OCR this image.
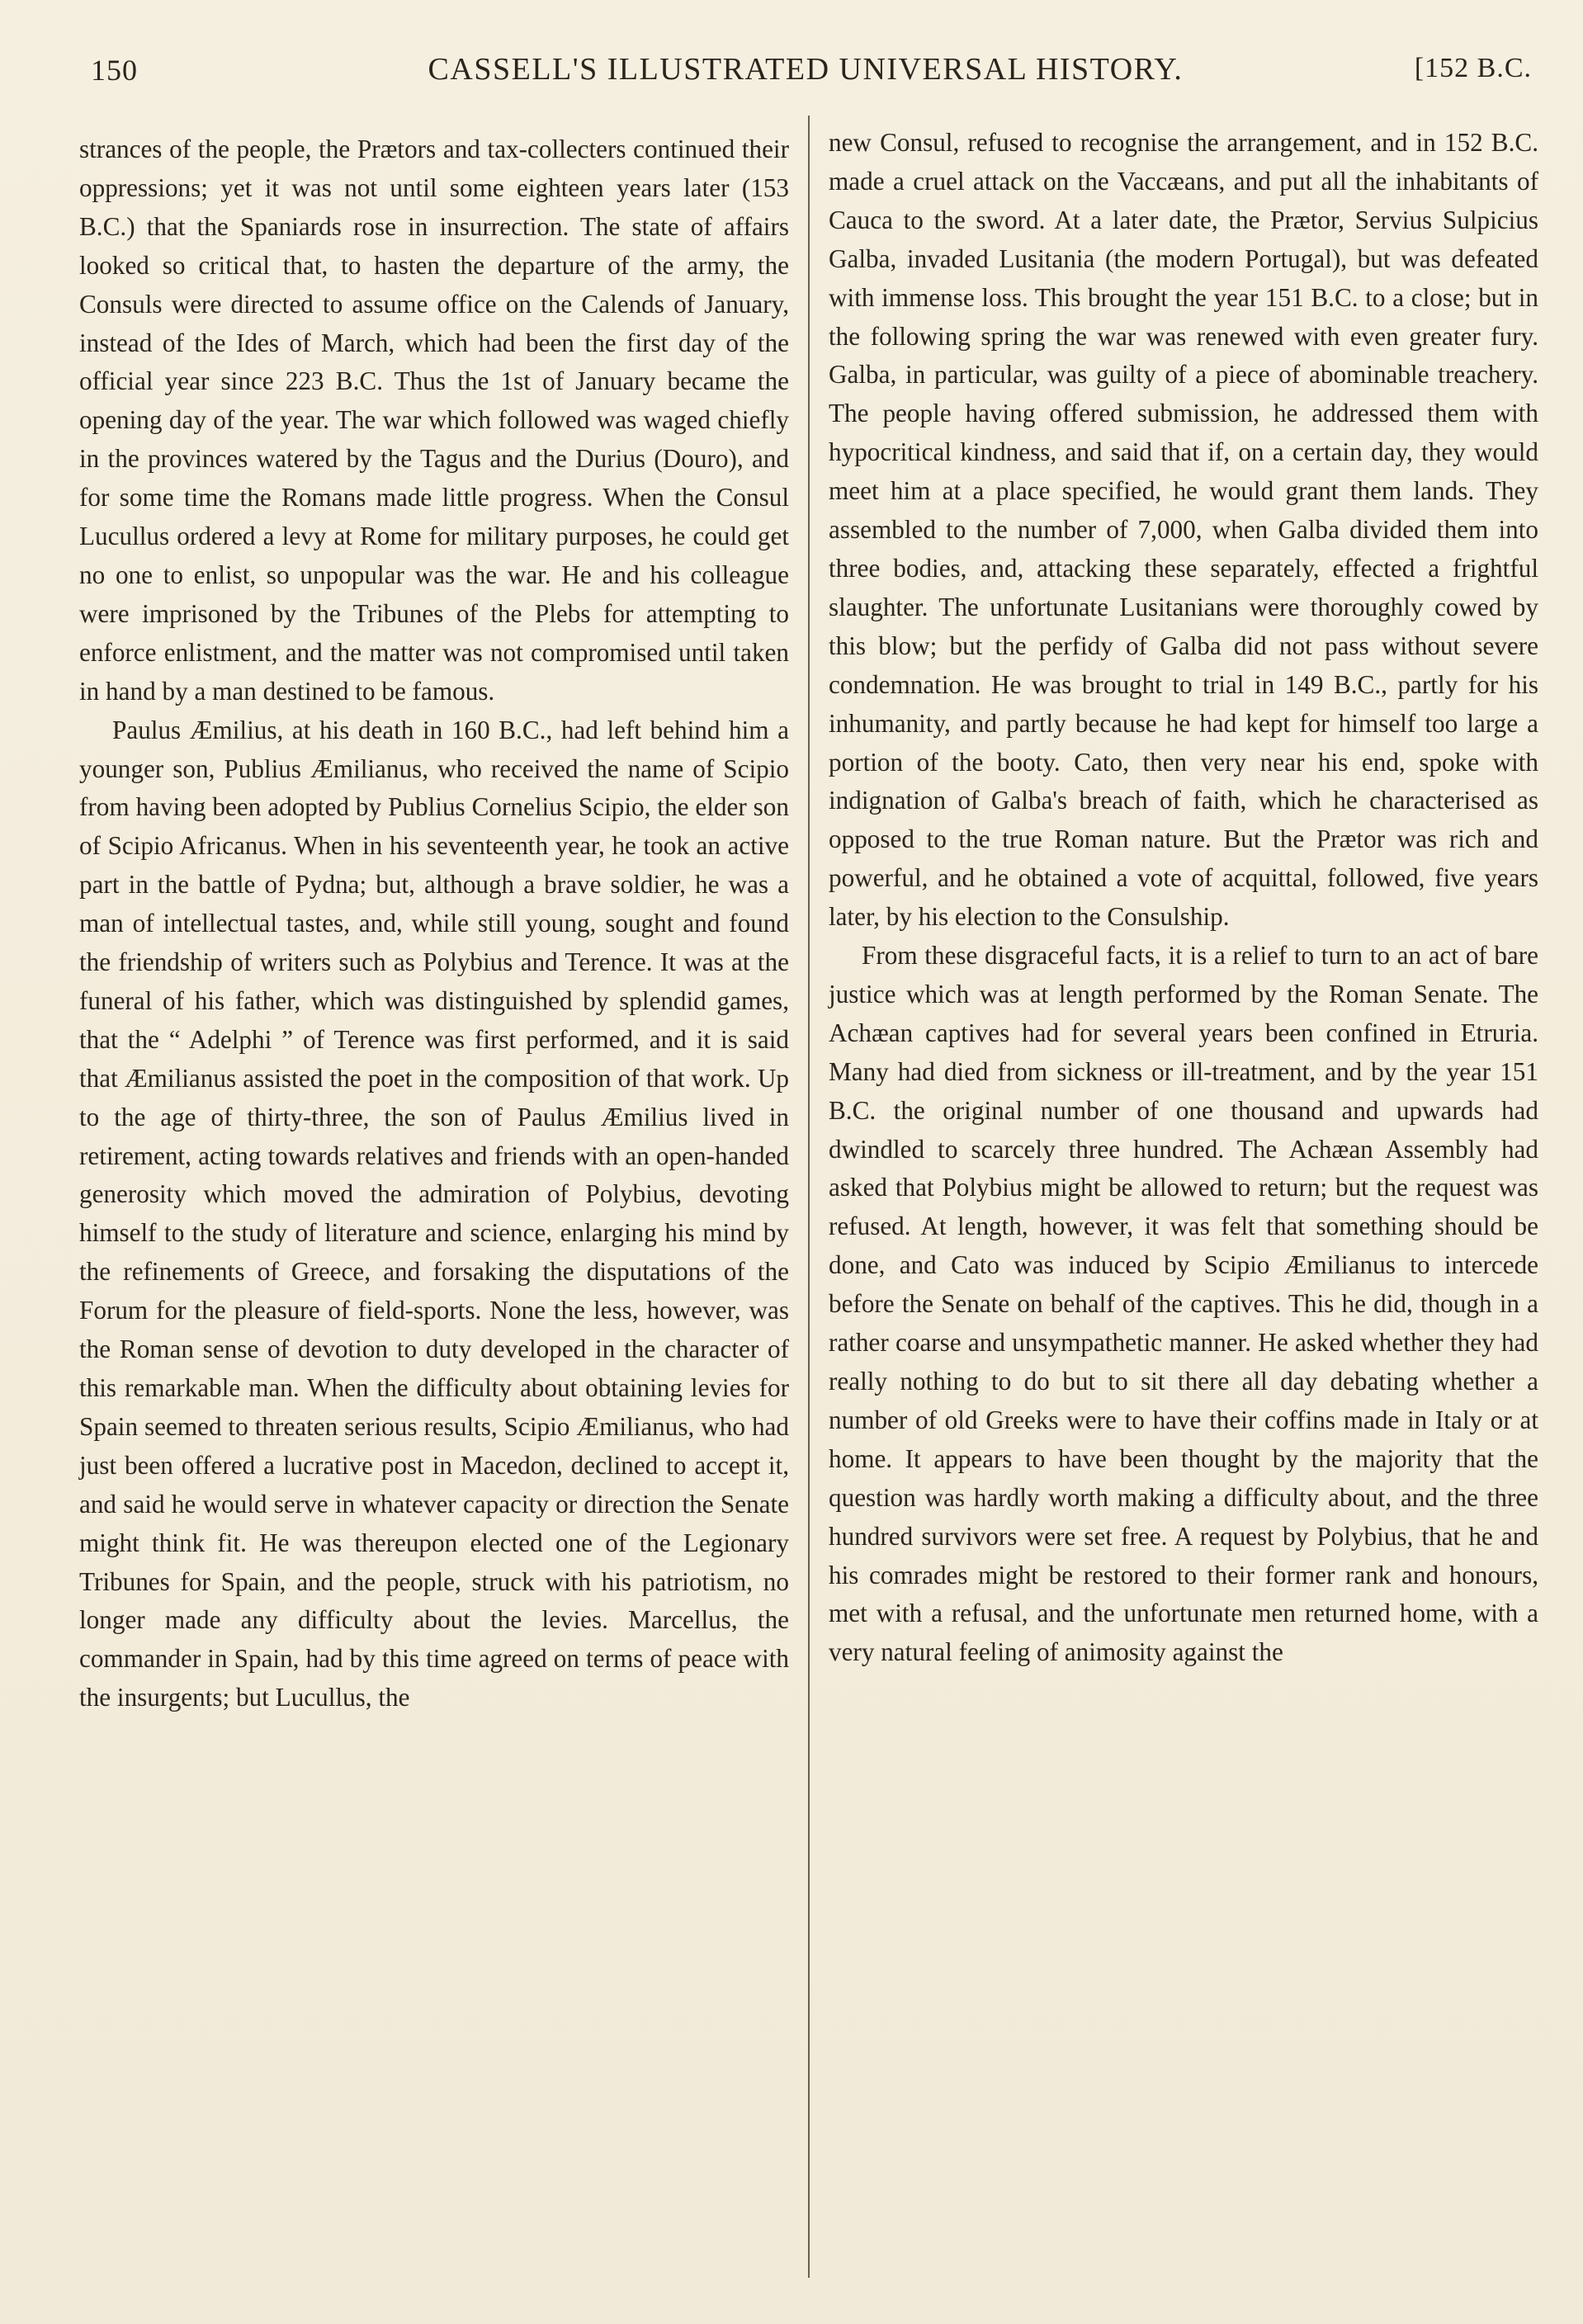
150	CASSELL'S ILLUSTRATED UNIVERSAL HISTORY.	[152 B.C.

strances of the people, the Prætors and tax-collecters continued their oppressions; yet it was not until some eighteen years later (153 B.C.) that the Spaniards rose in insurrection. The state of affairs looked so critical that, to hasten the departure of the army, the Consuls were directed to assume office on the Calends of January, instead of the Ides of March, which had been the first day of the official year since 223 B.C. Thus the 1st of January became the opening day of the year. The war which followed was waged chiefly in the provinces watered by the Tagus and the Durius (Douro), and for some time the Romans made little progress. When the Consul Lucullus ordered a levy at Rome for military purposes, he could get no one to enlist, so unpopular was the war. He and his colleague were imprisoned by the Tribunes of the Plebs for attempting to enforce enlistment, and the matter was not compromised until taken in hand by a man destined to be famous.

Paulus Æmilius, at his death in 160 B.C., had left behind him a younger son, Publius Æmilianus, who received the name of Scipio from having been adopted by Publius Cornelius Scipio, the elder son of Scipio Africanus. When in his seventeenth year, he took an active part in the battle of Pydna; but, although a brave soldier, he was a man of intellectual tastes, and, while still young, sought and found the friendship of writers such as Polybius and Terence. It was at the funeral of his father, which was distinguished by splendid games, that the “ Adelphi ” of Terence was first performed, and it is said that Æmilianus assisted the poet in the composition of that work. Up to the age of thirty-three, the son of Paulus Æmilius lived in retirement, acting towards relatives and friends with an open-handed generosity which moved the admiration of Polybius, devoting himself to the study of literature and science, enlarging his mind by the refinements of Greece, and forsaking the disputations of the Forum for the pleasure of field-sports. None the less, however, was the Roman sense of devotion to duty developed in the character of this remarkable man. When the difficulty about obtaining levies for Spain seemed to threaten serious results, Scipio Æmilianus, who had just been offered a lucrative post in Macedon, declined to accept it, and said he would serve in whatever capacity or direction the Senate might think fit. He was thereupon elected one of the Legionary Tribunes for Spain, and the people, struck with his patriotism, no longer made any difficulty about the levies. Marcellus, the commander in Spain, had by this time agreed on terms of peace with the insurgents; but Lucullus, the

new Consul, refused to recognise the arrangement, and in 152 B.C. made a cruel attack on the Vaccæans, and put all the inhabitants of Cauca to the sword. At a later date, the Prætor, Servius Sulpicius Galba, invaded Lusitania (the modern Portugal), but was defeated with immense loss. This brought the year 151 B.C. to a close; but in the following spring the war was renewed with even greater fury. Galba, in particular, was guilty of a piece of abominable treachery. The people having offered submission, he addressed them with hypocritical kindness, and said that if, on a certain day, they would meet him at a place specified, he would grant them lands. They assembled to the number of 7,000, when Galba divided them into three bodies, and, attacking these separately, effected a frightful slaughter. The unfortunate Lusitanians were thoroughly cowed by this blow; but the perfidy of Galba did not pass without severe condemnation. He was brought to trial in 149 B.C., partly for his inhumanity, and partly because he had kept for himself too large a portion of the booty. Cato, then very near his end, spoke with indignation of Galba's breach of faith, which he characterised as opposed to the true Roman nature. But the Prætor was rich and powerful, and he obtained a vote of acquittal, followed, five years later, by his election to the Consulship.

From these disgraceful facts, it is a relief to turn to an act of bare justice which was at length performed by the Roman Senate. The Achæan captives had for several years been confined in Etruria. Many had died from sickness or ill-treatment, and by the year 151 B.C. the original number of one thousand and upwards had dwindled to scarcely three hundred. The Achæan Assembly had asked that Polybius might be allowed to return; but the request was refused. At length, however, it was felt that something should be done, and Cato was induced by Scipio Æmilianus to intercede before the Senate on behalf of the captives. This he did, though in a rather coarse and unsympathetic manner. He asked whether they had really nothing to do but to sit there all day debating whether a number of old Greeks were to have their coffins made in Italy or at home. It appears to have been thought by the majority that the question was hardly worth making a difficulty about, and the three hundred survivors were set free. A request by Polybius, that he and his comrades might be restored to their former rank and honours, met with a refusal, and the unfortunate men returned home, with a very natural feeling of animosity against the
